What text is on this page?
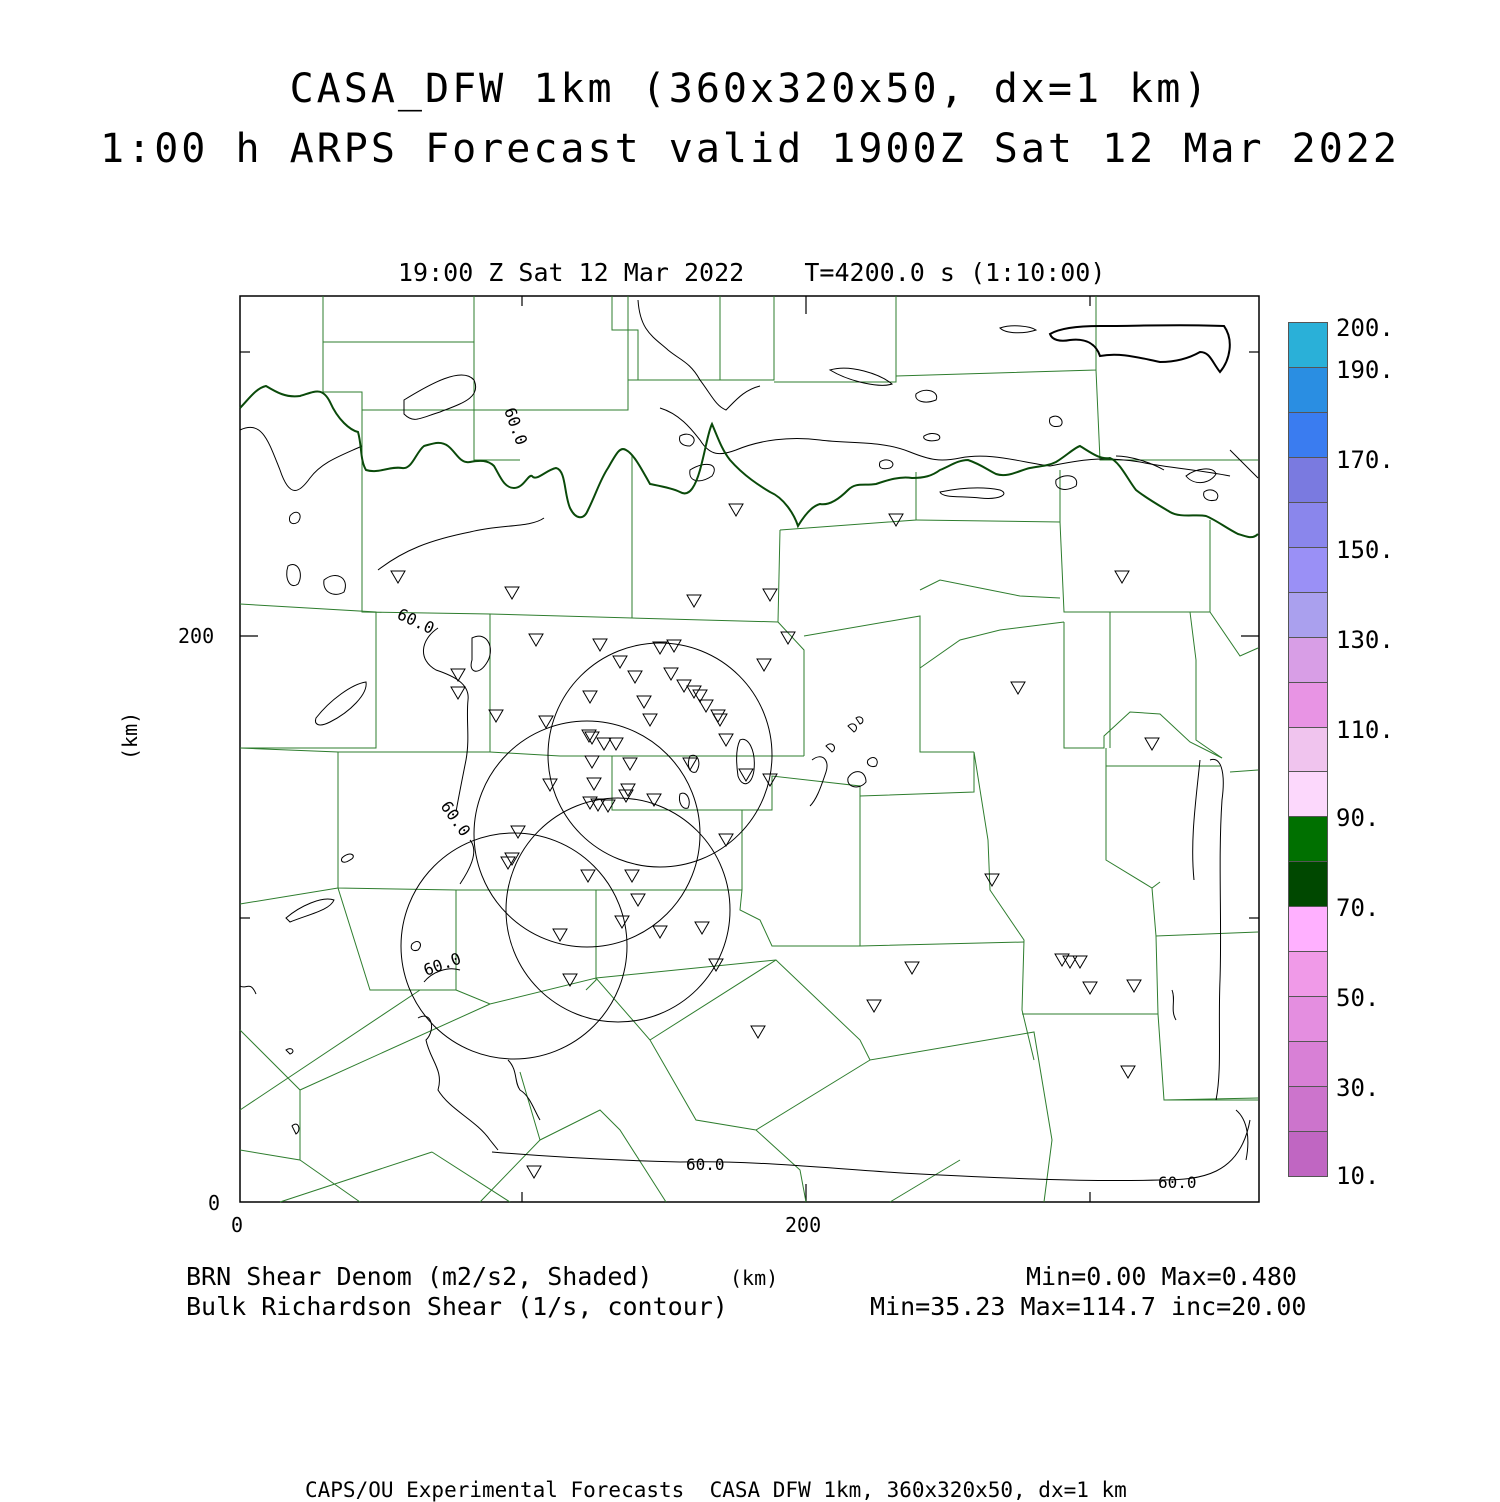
CASA_DFW 1km (360x320x50, dx=1 km)
1:00 h ARPS Forecast valid 1900Z Sat 12 Mar 2022
19:00 Z Sat 12 Mar 2022    T=4200.0 s (1:10:00)
60.0
60.0
60.0
60.0
60.0
60.0
200
0
0	200
(km)
(km)
200.
190.
170.
150.
130.
110.
90.
70.
50.
30.
10.
BRN Shear Denom (m2/s2, Shaded)
Bulk Richardson Shear (1/s, contour)
Min=0.00 Max=0.480
Min=35.23 Max=114.7 inc=20.00
CAPS/OU Experimental Forecasts  CASA DFW 1km, 360x320x50, dx=1 km
